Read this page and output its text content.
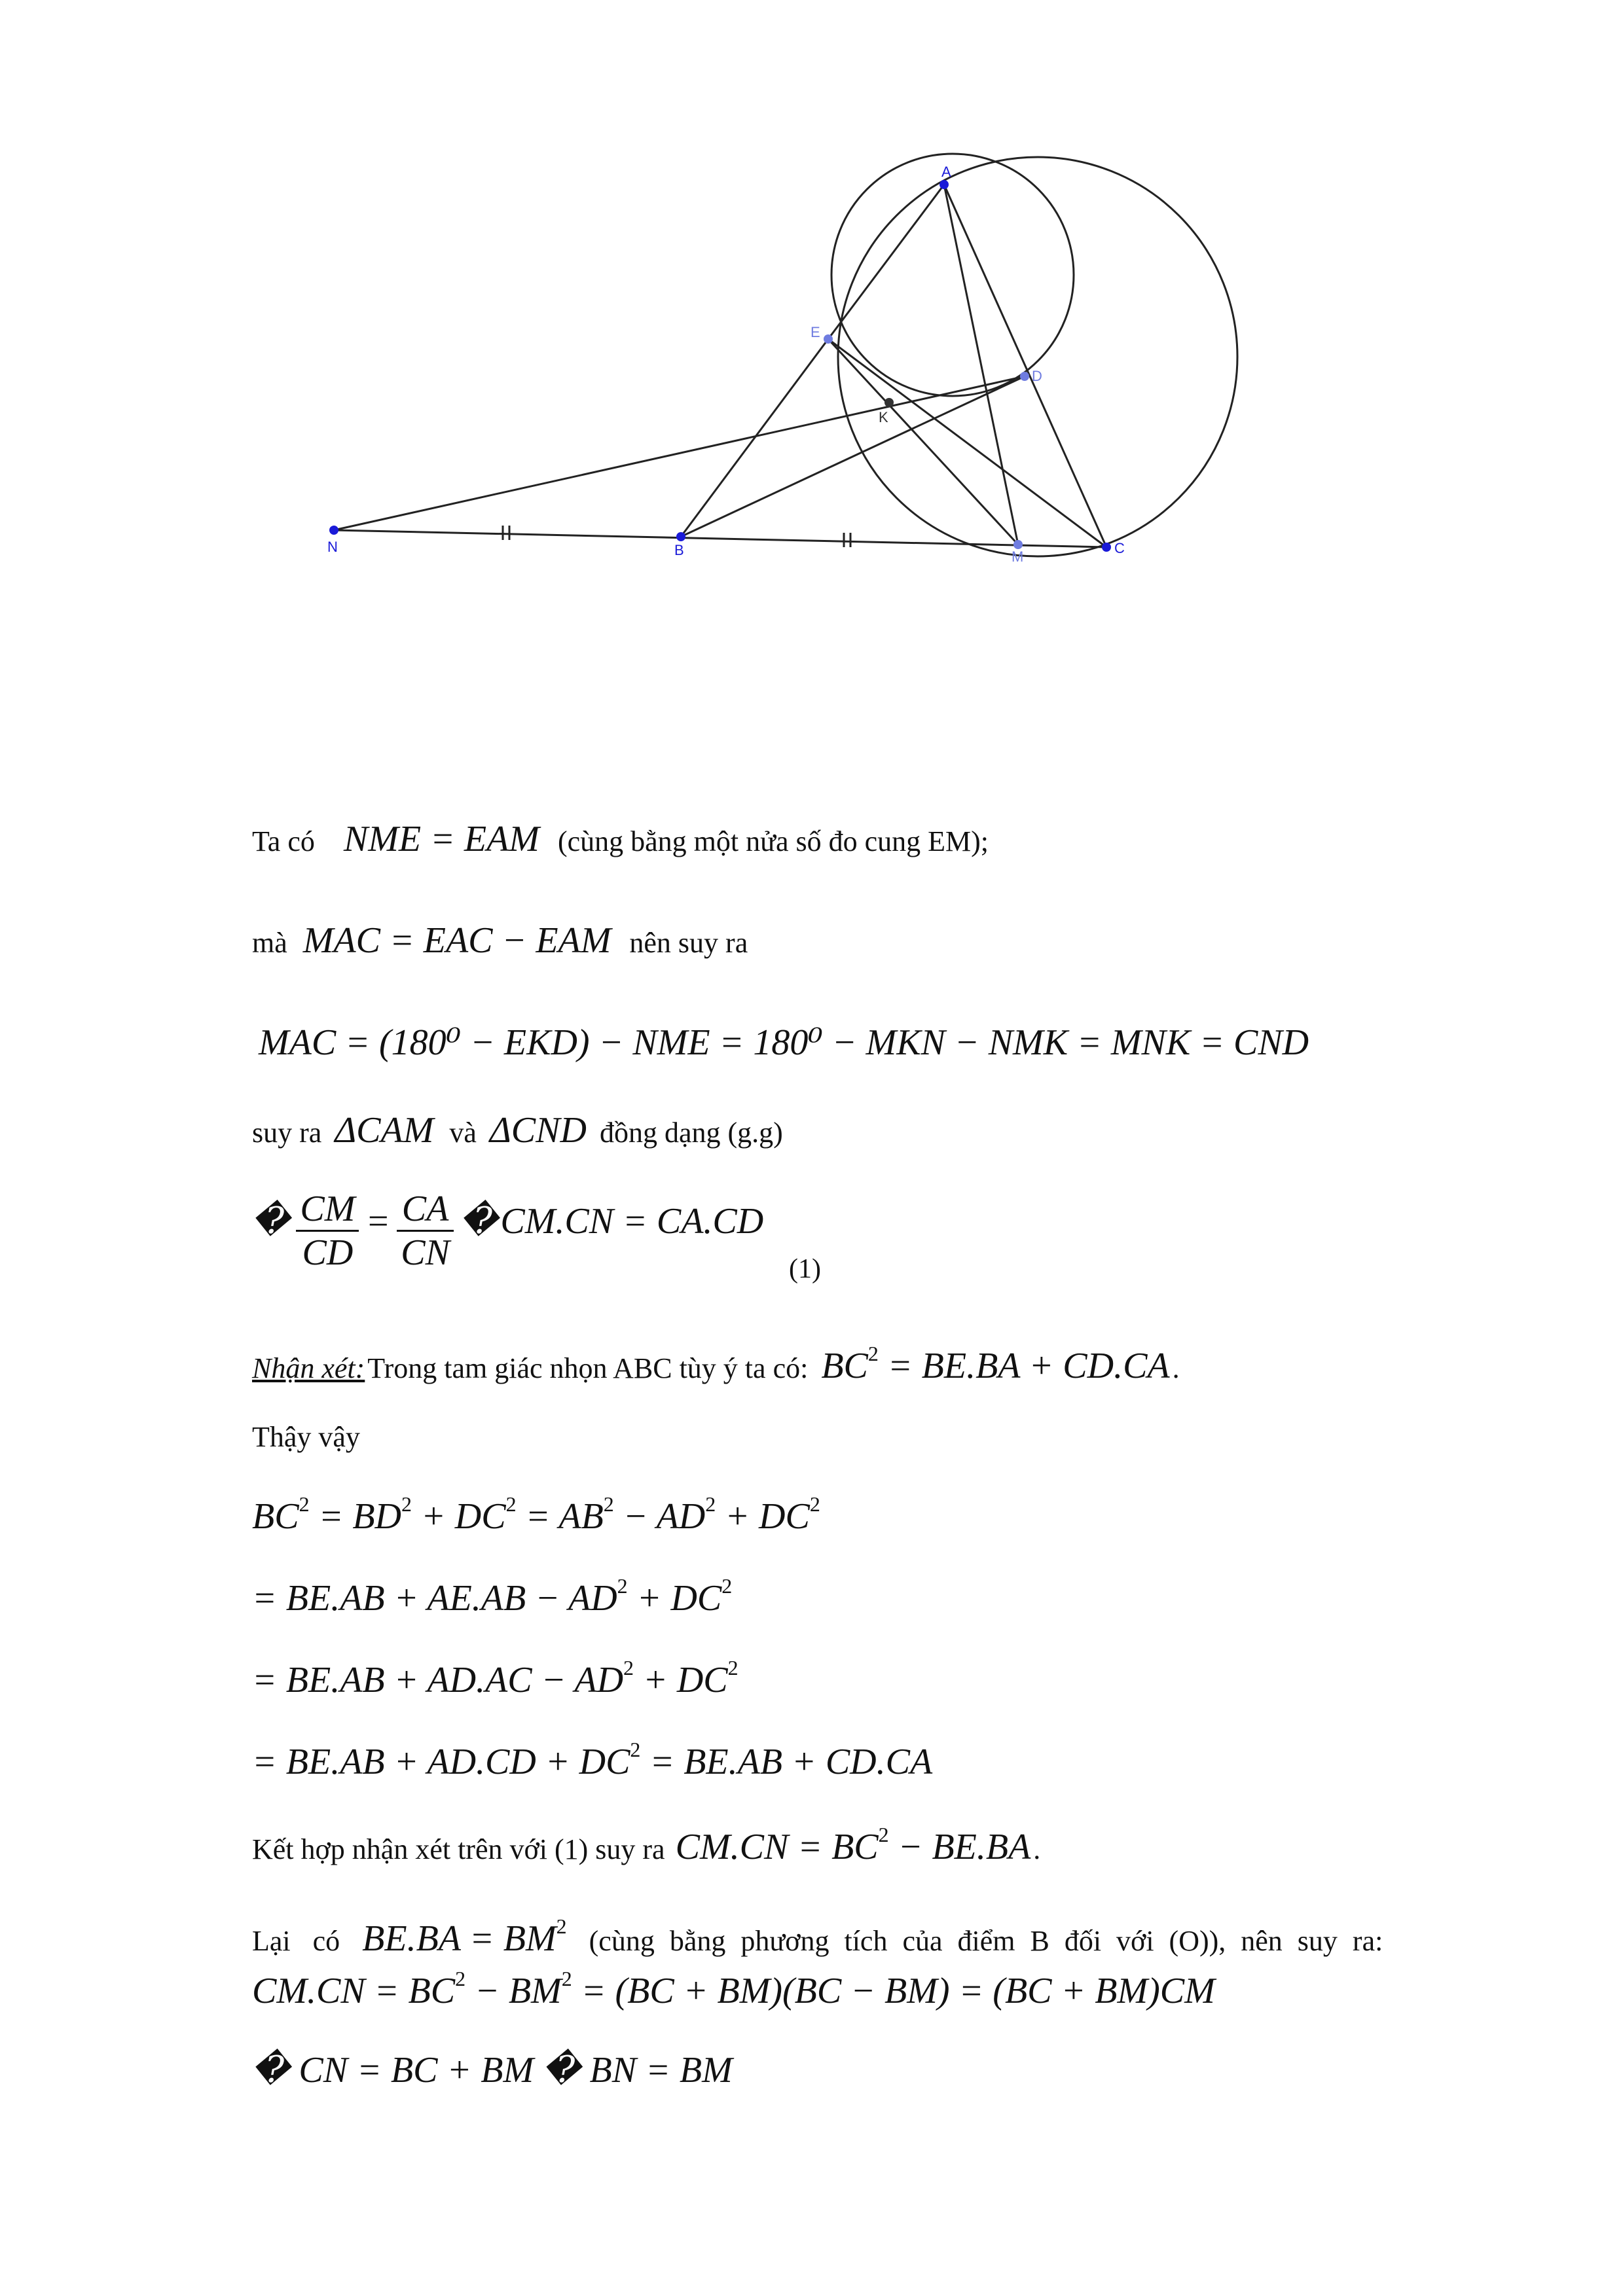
A
E
D
K
N	B	M
C
Ta có NME = EAM (cùng bằng một nửa số đo cung EM);
mà MAC = EAC − EAM nên suy ra
MAC = (180⁰ − EKD) − NME = 180⁰ − MKN − NMK = MNK = CND
suy ra ΔCAM và ΔCND đồng dạng (g.g)
� $\frac{CM}{CD} = \frac{CA}{CN}$ � CM.CN = CA.CD
(1)
Nhận xét: Trong tam giác nhọn ABC tùy ý ta có: $BC^2 = BE.BA + CD.CA$ .
Thậy vậy
$BC^2 = BD^2 + DC^2 = AB^2 - AD^2 + DC^2$
= $BE.AB + AE.AB - AD^2 + DC^2$
= $BE.AB + AD.AC - AD^2 + DC^2$
= $BE.AB + AD.CD + DC^2 = BE.AB + CD.CA$
Kết hợp nhận xét trên với (1) suy ra $CM.CN = BC^2 - BE.BA$ .
Lại có $BE.BA = BM^2$ (cùng bằng phương tích của điểm B đối với (O)), nên suy ra:
$CM.CN = BC^2 - BM^2 = (BC + BM)(BC - BM) = (BC + BM)CM$
� CN = BC + BM � BN = BM
